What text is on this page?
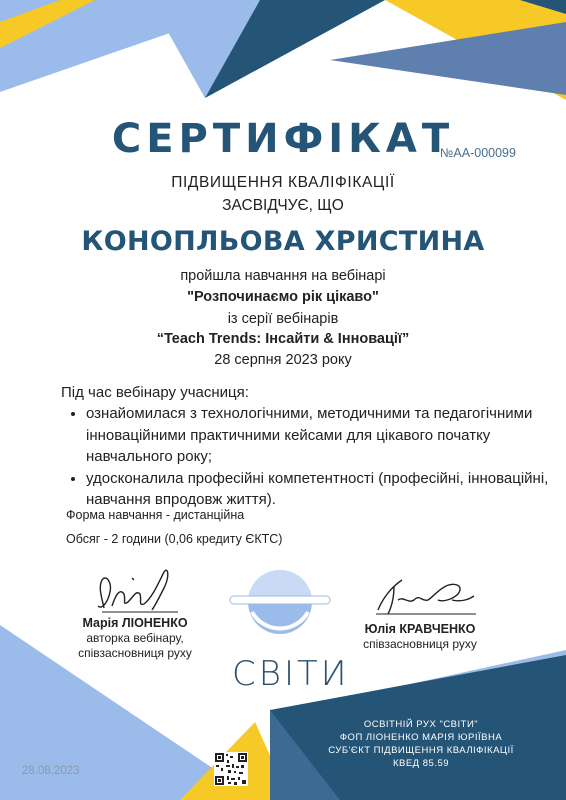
СЕРТИФІКАТ
№АА-000099
ПІДВИЩЕННЯ КВАЛІФІКАЦІЇ
ЗАСВІДЧУЄ, ЩО
КОНОПЛЬОВА ХРИСТИНА
пройшла навчання на вебінарі
"Розпочинаємо рік цікаво"
із серії вебінарів
“Teach Trends: Інсайти & Інновації”
28 серпня 2023 року
Під час вебінару учасниця:
• ознайомилася з технологічними, методичними та педагогічними інноваційними практичними кейсами для цікавого початку навчального року;
• удосконалила професійні компетентності (професійні, інноваційні, навчання впродовж життя).
Форма навчання - дистанційна
Обсяг - 2 години (0,06 кредиту ЄКТС)
Марія ЛІОНЕНКО
авторка вебінару,
співзасновниця руху
СВІТИ
Юлія КРАВЧЕНКО
співзасновниця руху
ОСВІТНІЙ РУХ "СВІТИ"
ФОП ЛІОНЕНКО МАРІЯ ЮРІЇВНА
СУБ'ЄКТ ПІДВИЩЕННЯ КВАЛІФІКАЦІЇ
КВЕД 85.59
28.08.2023
